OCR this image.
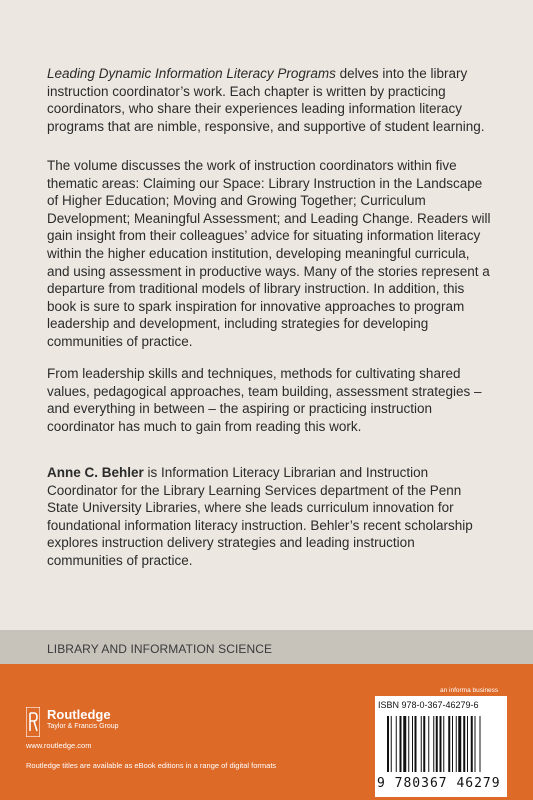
Leading Dynamic Information Literacy Programs delves into the library instruction coordinator’s work. Each chapter is written by practicing coordinators, who share their experiences leading information literacy programs that are nimble, responsive, and supportive of student learning.

The volume discusses the work of instruction coordinators within five thematic areas: Claiming our Space: Library Instruction in the Landscape of Higher Education; Moving and Growing Together; Curriculum Development; Meaningful Assessment; and Leading Change. Readers will gain insight from their colleagues’ advice for situating information literacy within the higher education institution, developing meaningful curricula, and using assessment in productive ways. Many of the stories represent a departure from traditional models of library instruction. In addition, this book is sure to spark inspiration for innovative approaches to program leadership and development, including strategies for developing communities of practice.

From leadership skills and techniques, methods for cultivating shared values, pedagogical approaches, team building, assessment strategies – and everything in between – the aspiring or practicing instruction coordinator has much to gain from reading this work.

Anne C. Behler is Information Literacy Librarian and Instruction Coordinator for the Library Learning Services department of the Penn State University Libraries, where she leads curriculum innovation for foundational information literacy instruction. Behler’s recent scholarship explores instruction delivery strategies and leading instruction communities of practice.

LIBRARY AND INFORMATION SCIENCE
Routledge
Taylor & Francis Group
www.routledge.com
Routledge titles are available as eBook editions in a range of digital formats
an informa business
ISBN 978-0-367-46279-6
9 780367 46279
